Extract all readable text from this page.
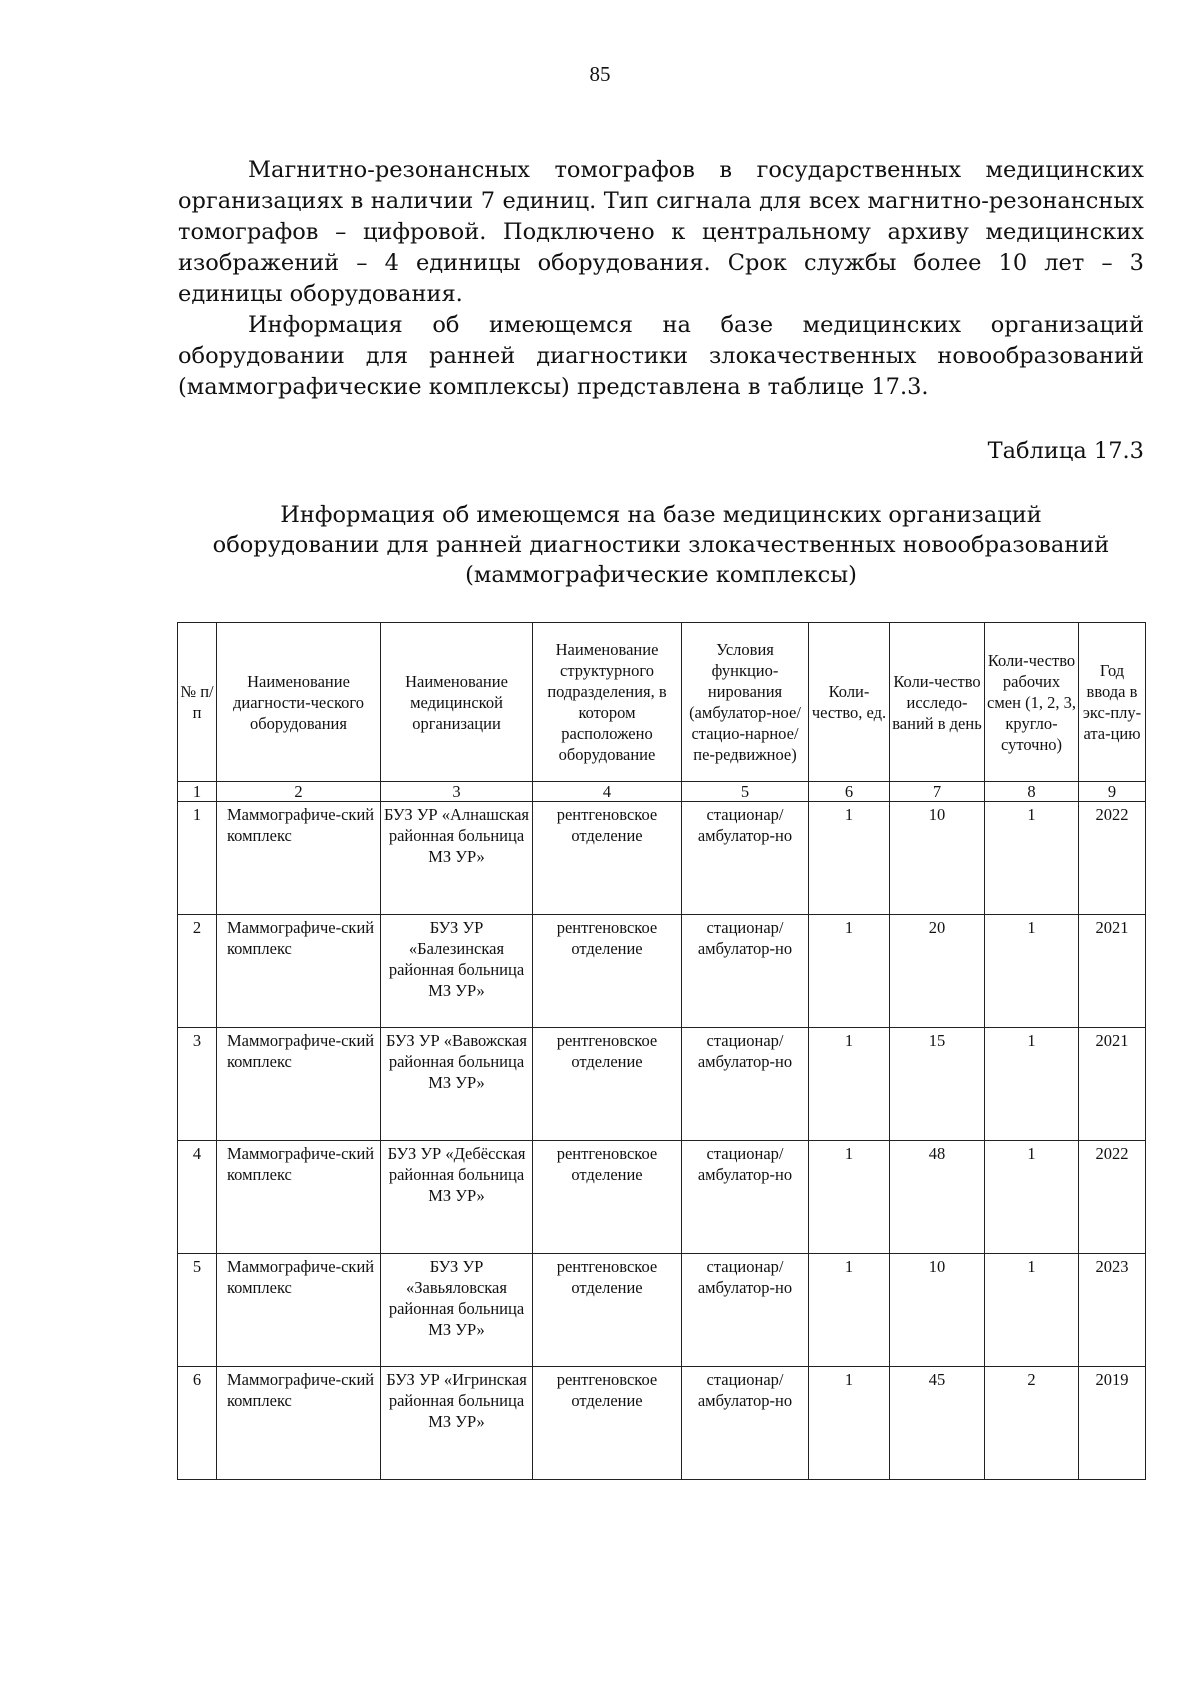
85

Магнитно-резонансных томографов в государственных медицинских организациях в наличии 7 единиц. Тип сигнала для всех магнитно-резонансных томографов – цифровой. Подключено к центральному архиву медицинских изображений – 4 единицы оборудования. Срок службы более 10 лет – 3 единицы оборудования.

Информация об имеющемся на базе медицинских организаций оборудовании для ранней диагностики злокачественных новообразований (маммографические комплексы) представлена в таблице 17.3.

Таблица 17.3
Информация об имеющемся на базе медицинских организаций
оборудовании для ранней диагностики злокачественных новообразований
(маммографические комплексы)
№ п/п	Наименование диагности-ческого оборудования	Наименование медицинской организации	Наименование структурного подразделения, в котором расположено оборудование	Условия функцио-нирования (амбулатор-ное/стацио-нарное/пе-редвижное)	Коли-чество, ед.	Коли-чество исследо-ваний в день	Коли-чество рабочих смен (1, 2, 3, кругло-суточно)	Год ввода в экс-плу-ата-цию
1	2	3	4	5	6	7	8	9
1	Маммографиче-ский комплекс	БУЗ УР «Алнашская районная больница МЗ УР»	рентгеновское отделение	стационар/ амбулатор-но	1	10	1	2022
2	Маммографиче-ский комплекс	БУЗ УР «Балезинская районная больница МЗ УР»	рентгеновское отделение	стационар/ амбулатор-но	1	20	1	2021
3	Маммографиче-ский комплекс	БУЗ УР «Вавожская районная больница МЗ УР»	рентгеновское отделение	стационар/ амбулатор-но	1	15	1	2021
4	Маммографиче-ский комплекс	БУЗ УР «Дебёсская районная больница МЗ УР»	рентгеновское отделение	стационар/ амбулатор-но	1	48	1	2022
5	Маммографиче-ский комплекс	БУЗ УР «Завьяловская районная больница МЗ УР»	рентгеновское отделение	стационар/ амбулатор-но	1	10	1	2023
6	Маммографиче-ский комплекс	БУЗ УР «Игринская районная больница МЗ УР»	рентгеновское отделение	стационар/ амбулатор-но	1	45	2	2019
